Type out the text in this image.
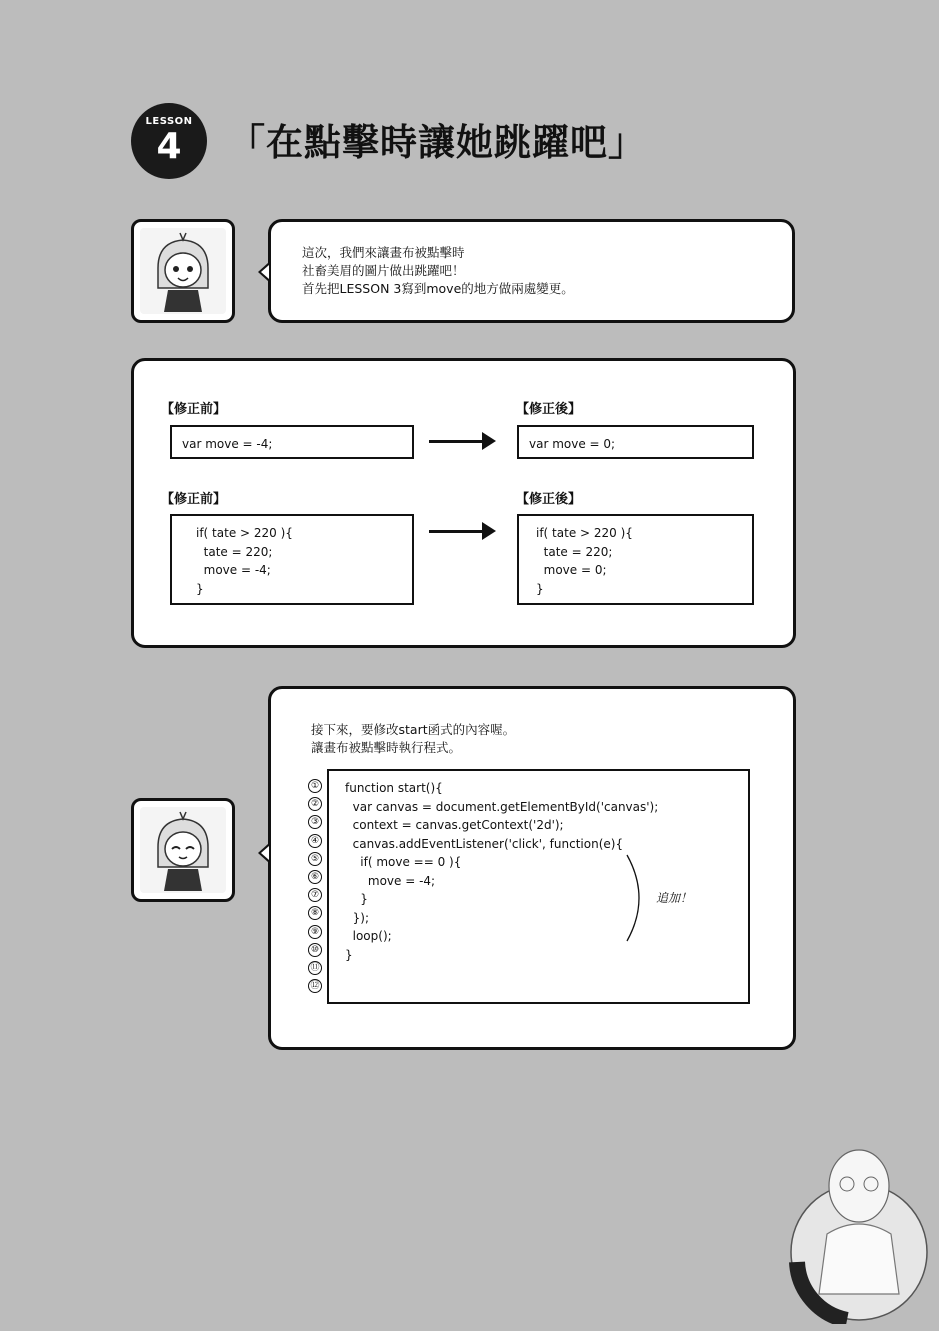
LESSON
4	「在點擊時讓她跳躍吧」
這次，我們來讓畫布被點擊時
社畜美眉的圖片做出跳躍吧！
首先把LESSON 3寫到move的地方做兩處變更。
【修正前】	【修正後】
var move = -4;	var move = 0;
【修正前】	【修正後】
if( tate > 220 ){
tate = 220;
move = -4;
}
if( tate > 220 ){
tate = 220;
move = 0;
}
接下來，要修改start函式的內容喔。
讓畫布被點擊時執行程式。
①
②
③
④
⑤
⑥
⑦
⑧
⑨
⑩
⑪
⑫
function start(){
var canvas = document.getElementById('canvas');
context = canvas.getContext('2d');
canvas.addEventListener('click', function(e){
if( move == 0 ){
move = -4;
}
});
loop();
}
追加！
